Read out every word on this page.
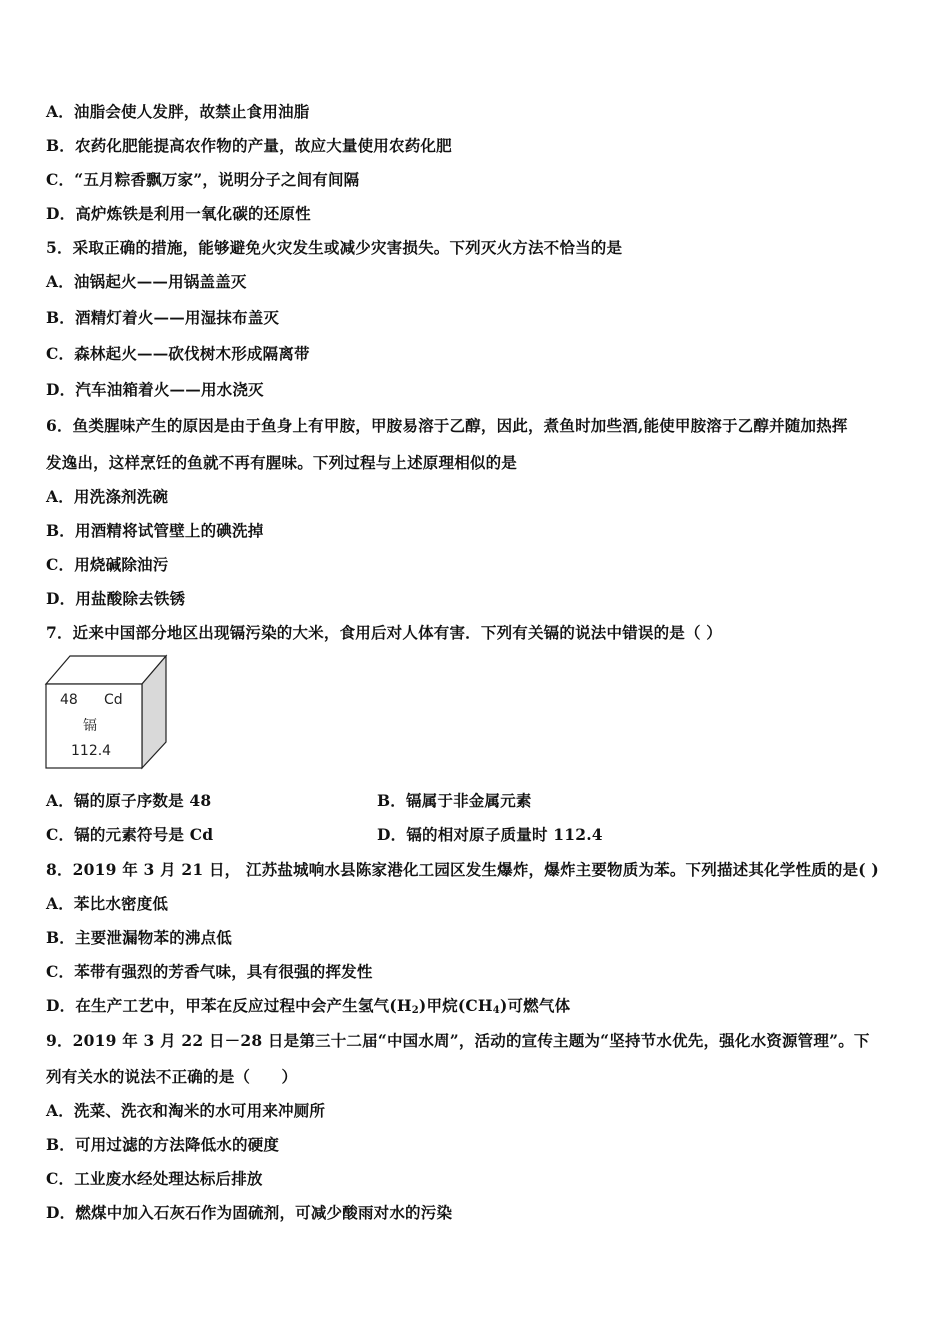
A．油脂会使人发胖，故禁止食用油脂
B．农药化肥能提高农作物的产量，故应大量使用农药化肥
C．“五月粽香飘万家”，说明分子之间有间隔
D．高炉炼铁是利用一氧化碳的还原性
5．采取正确的措施，能够避免火灾发生或减少灾害损失。下列灭火方法不恰当的是
A．油锅起火——用锅盖盖灭
B．酒精灯着火——用湿抹布盖灭
C．森林起火——砍伐树木形成隔离带
D．汽车油箱着火——用水浇灭
6．鱼类腥味产生的原因是由于鱼身上有甲胺，甲胺易溶于乙醇，因此，煮鱼时加些酒,能使甲胺溶于乙醇并随加热挥
发逸出，这样烹饪的鱼就不再有腥味。下列过程与上述原理相似的是
A．用洗涤剂洗碗
B．用酒精将试管壁上的碘洗掉
C．用烧碱除油污
D．用盐酸除去铁锈
7．近来中国部分地区出现镉污染的大米，食用后对人体有害．下列有关镉的说法中错误的是（ ）
48 Cd
镉
112.4
A．镉的原子序数是 48	B．镉属于非金属元素
C．镉的元素符号是 Cd	D．镉的相对原子质量时 112.4
8．2019 年 3 月 21 日， 江苏盐城响水县陈家港化工园区发生爆炸，爆炸主要物质为苯。下列描述其化学性质的是( )
A．苯比水密度低
B．主要泄漏物苯的沸点低
C．苯带有强烈的芳香气味，具有很强的挥发性
D．在生产工艺中，甲苯在反应过程中会产生氢气$(H_2)$甲烷$(CH_4)$可燃气体
9．2019 年 3 月 22 日－28 日是第三十二届“中国水周”，活动的宣传主题为“坚持节水优先，强化水资源管理”。下
列有关水的说法不正确的是（　　）
A．洗菜、洗衣和淘米的水可用来冲厕所
B．可用过滤的方法降低水的硬度
C．工业废水经处理达标后排放
D．燃煤中加入石灰石作为固硫剂，可减少酸雨对水的污染
